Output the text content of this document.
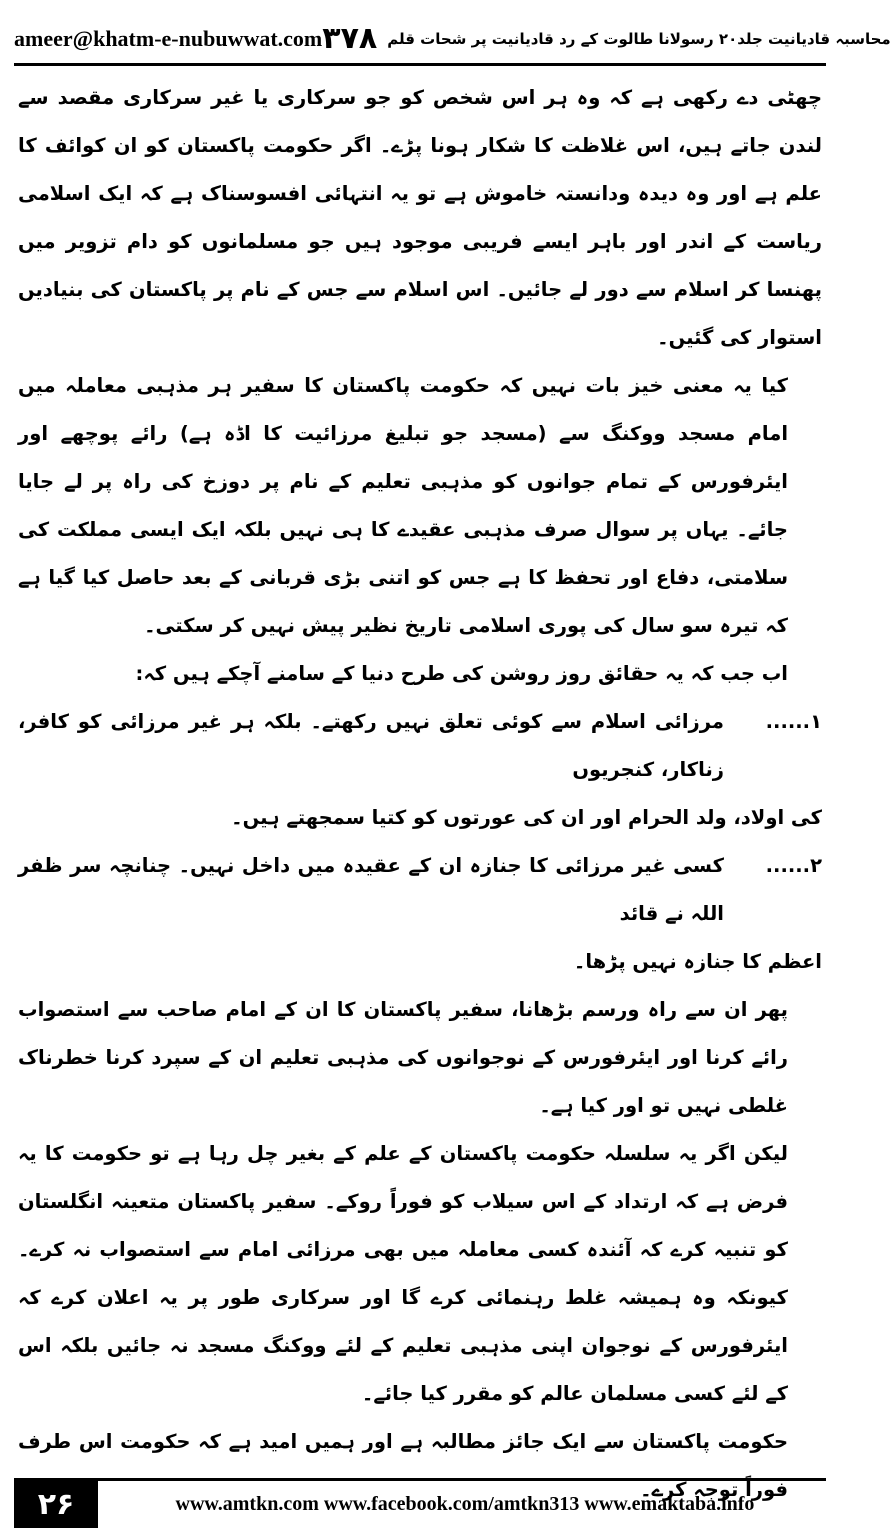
ameer@khatm-e-nubuwwat.com	محاسبہ قادیانیت جلد۲۰ رسولانا طالوت کے رد قادیانیت پر شحات قلم
۳۷۸

چھٹی دے رکھی ہے کہ وہ ہر اس شخص کو جو سرکاری یا غیر سرکاری مقصد سے لندن جاتے ہیں، اس غلاظت کا شکار ہونا پڑے۔ اگر حکومت پاکستان کو ان کوائف کا علم ہے اور وہ دیدہ ودانستہ خاموش ہے تو یہ انتہائی افسوسناک ہے کہ ایک اسلامی ریاست کے اندر اور باہر ایسے فریبی موجود ہیں جو مسلمانوں کو دام تزویر میں پھنسا کر اسلام سے دور لے جائیں۔ اس اسلام سے جس کے نام پر پاکستان کی بنیادیں استوار کی گئیں۔

کیا یہ معنی خیز بات نہیں کہ حکومت پاکستان کا سفیر ہر مذہبی معاملہ میں امام مسجد ووکنگ سے (مسجد جو تبلیغ مرزائیت کا اڈہ ہے) رائے پوچھے اور ایئرفورس کے تمام جوانوں کو مذہبی تعلیم کے نام پر دوزخ کی راہ پر لے جایا جائے۔ یہاں پر سوال صرف مذہبی عقیدے کا ہی نہیں بلکہ ایک ایسی مملکت کی سلامتی، دفاع اور تحفظ کا ہے جس کو اتنی بڑی قربانی کے بعد حاصل کیا گیا ہے کہ تیرہ سو سال کی پوری اسلامی تاریخ نظیر پیش نہیں کر سکتی۔

اب جب کہ یہ حقائق روز روشن کی طرح دنیا کے سامنے آچکے ہیں کہ:

۱......
مرزائی اسلام سے کوئی تعلق نہیں رکھتے۔ بلکہ ہر غیر مرزائی کو کافر، زناکار، کنجریوں

کی اولاد، ولد الحرام اور ان کی عورتوں کو کتیا سمجھتے ہیں۔

۲......
کسی غیر مرزائی کا جنازہ ان کے عقیدہ میں داخل نہیں۔ چنانچہ سر ظفر اللہ نے قائد

اعظم کا جنازہ نہیں پڑھا۔

پھر ان سے راہ ورسم بڑھانا، سفیر پاکستان کا ان کے امام صاحب سے استصواب رائے کرنا اور ایئرفورس کے نوجوانوں کی مذہبی تعلیم ان کے سپرد کرنا خطرناک غلطی نہیں تو اور کیا ہے۔

لیکن اگر یہ سلسلہ حکومت پاکستان کے علم کے بغیر چل رہا ہے تو حکومت کا یہ فرض ہے کہ ارتداد کے اس سیلاب کو فوراً روکے۔ سفیر پاکستان متعینہ انگلستان کو تنبیہ کرے کہ آئندہ کسی معاملہ میں بھی مرزائی امام سے استصواب نہ کرے۔ کیونکہ وہ ہمیشہ غلط رہنمائی کرے گا اور سرکاری طور پر یہ اعلان کرے کہ ایئرفورس کے نوجوان اپنی مذہبی تعلیم کے لئے ووکنگ مسجد نہ جائیں بلکہ اس کے لئے کسی مسلمان عالم کو مقرر کیا جائے۔

حکومت پاکستان سے ایک جائز مطالبہ ہے اور ہمیں امید ہے کہ حکومت اس طرف فوراً توجہ کرے۔

۲۶	www.amtkn.com www.facebook.com/amtkn313 www.emaktaba.info
